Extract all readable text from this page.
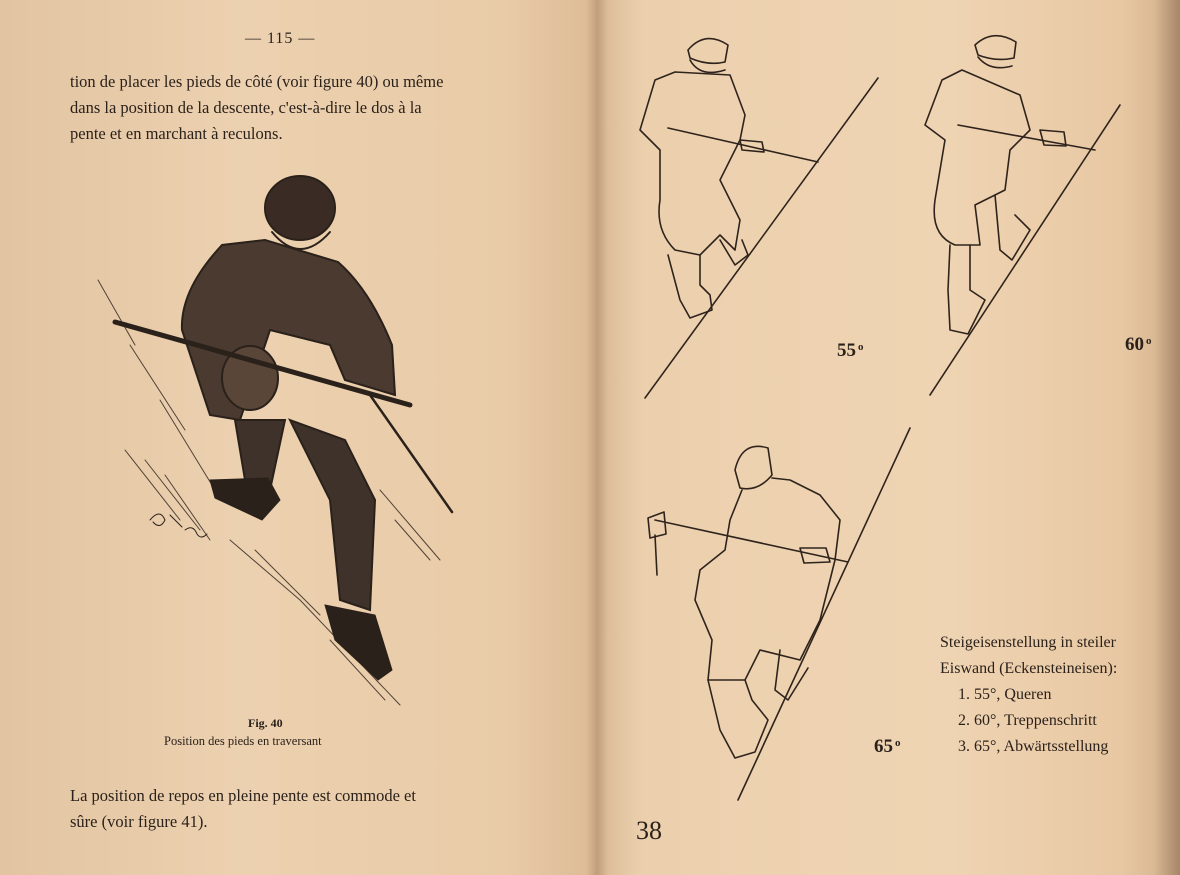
— 115 —
tion de placer les pieds de côté (voir figure 40) ou même
dans la position de la descente, c'est-à-dire le dos à la
pente et en marchant à reculons.
Fig. 40
Position des pieds en traversant
La position de repos en pleine pente est commode et
sûre (voir figure 41).
55 $^o$	60 $^o$
65 $^o$
Steigeisenstellung in steiler
Eiswand (Eckensteineisen):
1. 55°, Queren
2. 60°, Treppenschritt
3. 65°, Abwärtsstellung
38
